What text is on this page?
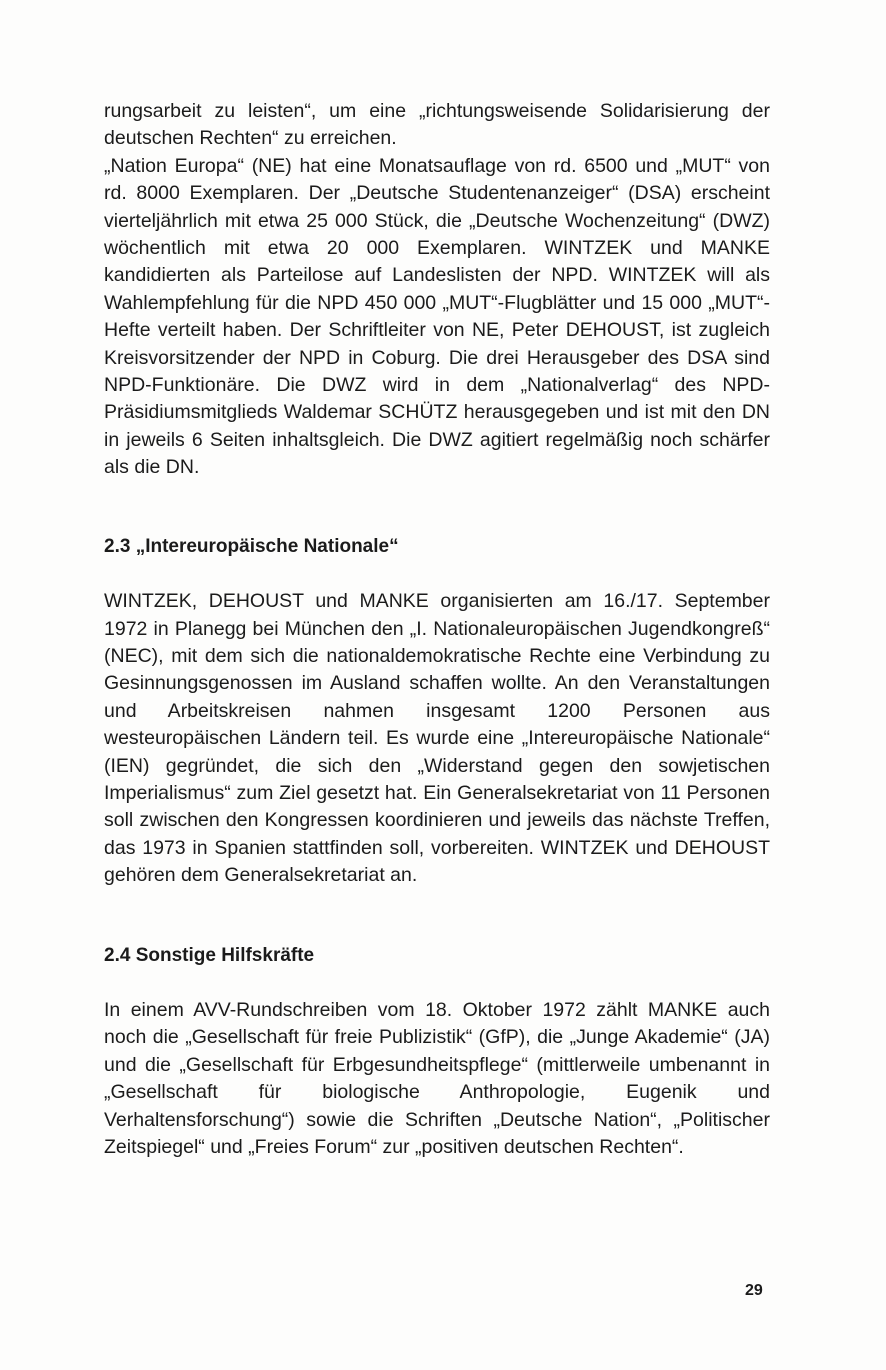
rungsarbeit zu leisten“, um eine „richtungsweisende Solidarisierung der deutschen Rechten“ zu erreichen.
„Nation Europa“ (NE) hat eine Monatsauflage von rd. 6500 und „MUT“ von rd. 8000 Exemplaren. Der „Deutsche Studentenanzeiger“ (DSA) erscheint vierteljährlich mit etwa 25 000 Stück, die „Deutsche Wochenzeitung“ (DWZ) wöchentlich mit etwa 20 000 Exemplaren. WINTZEK und MANKE kandidierten als Parteilose auf Landeslisten der NPD. WINTZEK will als Wahlempfehlung für die NPD 450 000 „MUT“-Flugblätter und 15 000 „MUT“-Hefte verteilt haben. Der Schriftleiter von NE, Peter DEHOUST, ist zugleich Kreisvorsitzender der NPD in Coburg. Die drei Herausgeber des DSA sind NPD-Funktionäre. Die DWZ wird in dem „Nationalverlag“ des NPD-Präsidiumsmitglieds Waldemar SCHÜTZ herausgegeben und ist mit den DN in jeweils 6 Seiten inhaltsgleich. Die DWZ agitiert regelmäßig noch schärfer als die DN.

2.3 „Intereuropäische Nationale“

WINTZEK, DEHOUST und MANKE organisierten am 16./17. September 1972 in Planegg bei München den „I. Nationaleuropäischen Jugendkongreß“ (NEC), mit dem sich die nationaldemokratische Rechte eine Verbindung zu Gesinnungsgenossen im Ausland schaffen wollte. An den Veranstaltungen und Arbeitskreisen nahmen insgesamt 1200 Personen aus westeuropäischen Ländern teil. Es wurde eine „Intereuropäische Nationale“ (IEN) gegründet, die sich den „Widerstand gegen den sowjetischen Imperialismus“ zum Ziel gesetzt hat. Ein Generalsekretariat von 11 Personen soll zwischen den Kongressen koordinieren und jeweils das nächste Treffen, das 1973 in Spanien stattfinden soll, vorbereiten. WINTZEK und DEHOUST gehören dem Generalsekretariat an.

2.4 Sonstige Hilfskräfte

In einem AVV-Rundschreiben vom 18. Oktober 1972 zählt MANKE auch noch die „Gesellschaft für freie Publizistik“ (GfP), die „Junge Akademie“ (JA) und die „Gesellschaft für Erbgesundheitspflege“ (mittlerweile umbenannt in „Gesellschaft für biologische Anthropologie, Eugenik und Verhaltensforschung“) sowie die Schriften „Deutsche Nation“, „Politischer Zeitspiegel“ und „Freies Forum“ zur „positiven deutschen Rechten“.

29
